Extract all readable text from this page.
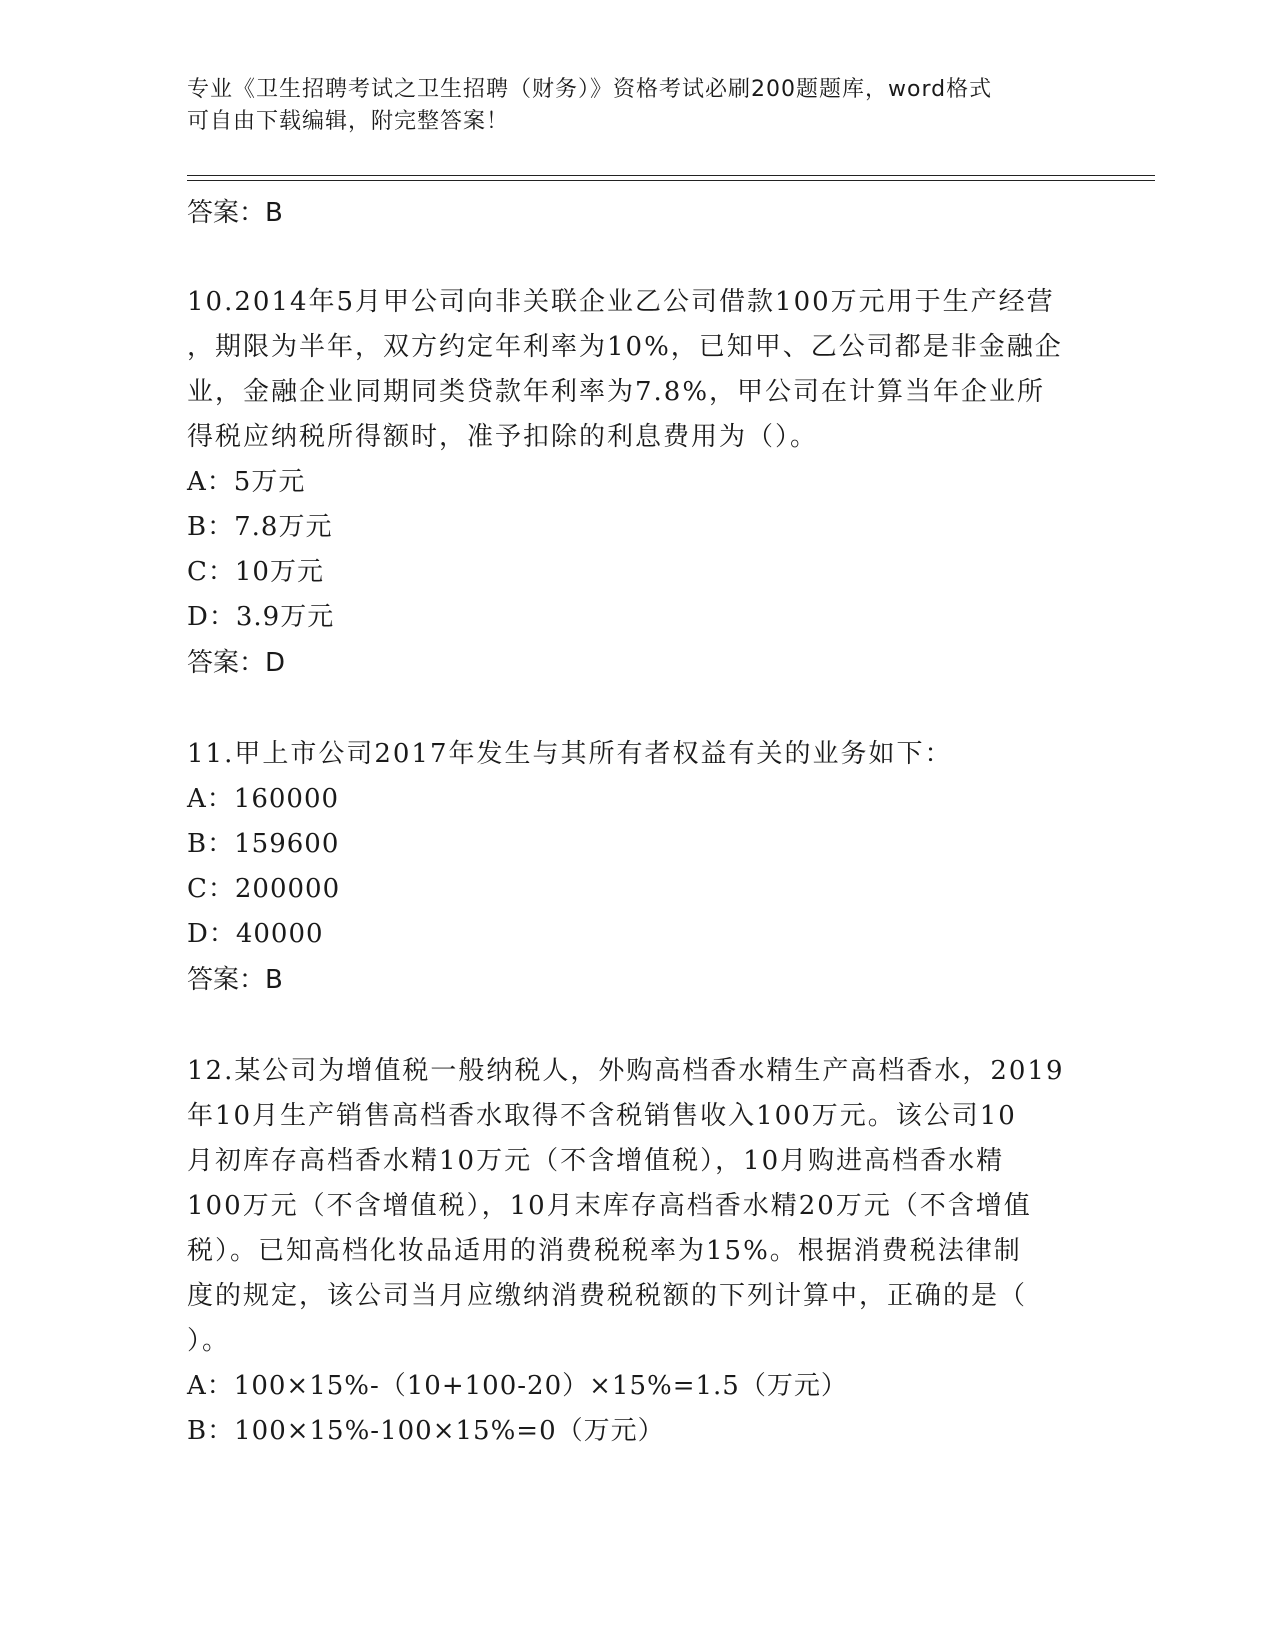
专业《卫生招聘考试之卫生招聘（财务）》资格考试必刷200题题库，word格式
可自由下载编辑，附完整答案！
答案：B
10.2014年5月甲公司向非关联企业乙公司借款100万元用于生产经营
，期限为半年，双方约定年利率为10%，已知甲、乙公司都是非金融企
业，金融企业同期同类贷款年利率为7.8%，甲公司在计算当年企业所
得税应纳税所得额时，准予扣除的利息费用为（）。
A：5万元
B：7.8万元
C：10万元
D：3.9万元
答案：D
11.甲上市公司2017年发生与其所有者权益有关的业务如下：
A：160000
B：159600
C：200000
D：40000
答案：B
12.某公司为增值税一般纳税人，外购高档香水精生产高档香水，2019
年10月生产销售高档香水取得不含税销售收入100万元。该公司10
月初库存高档香水精10万元（不含增值税），10月购进高档香水精
100万元（不含增值税），10月末库存高档香水精20万元（不含增值
税）。已知高档化妆品适用的消费税税率为15%。根据消费税法律制
度的规定，该公司当月应缴纳消费税税额的下列计算中，正确的是（
）。
A：100×15%-（10+100-20）×15%=1.5（万元）
B：100×15%-100×15%=0（万元）
